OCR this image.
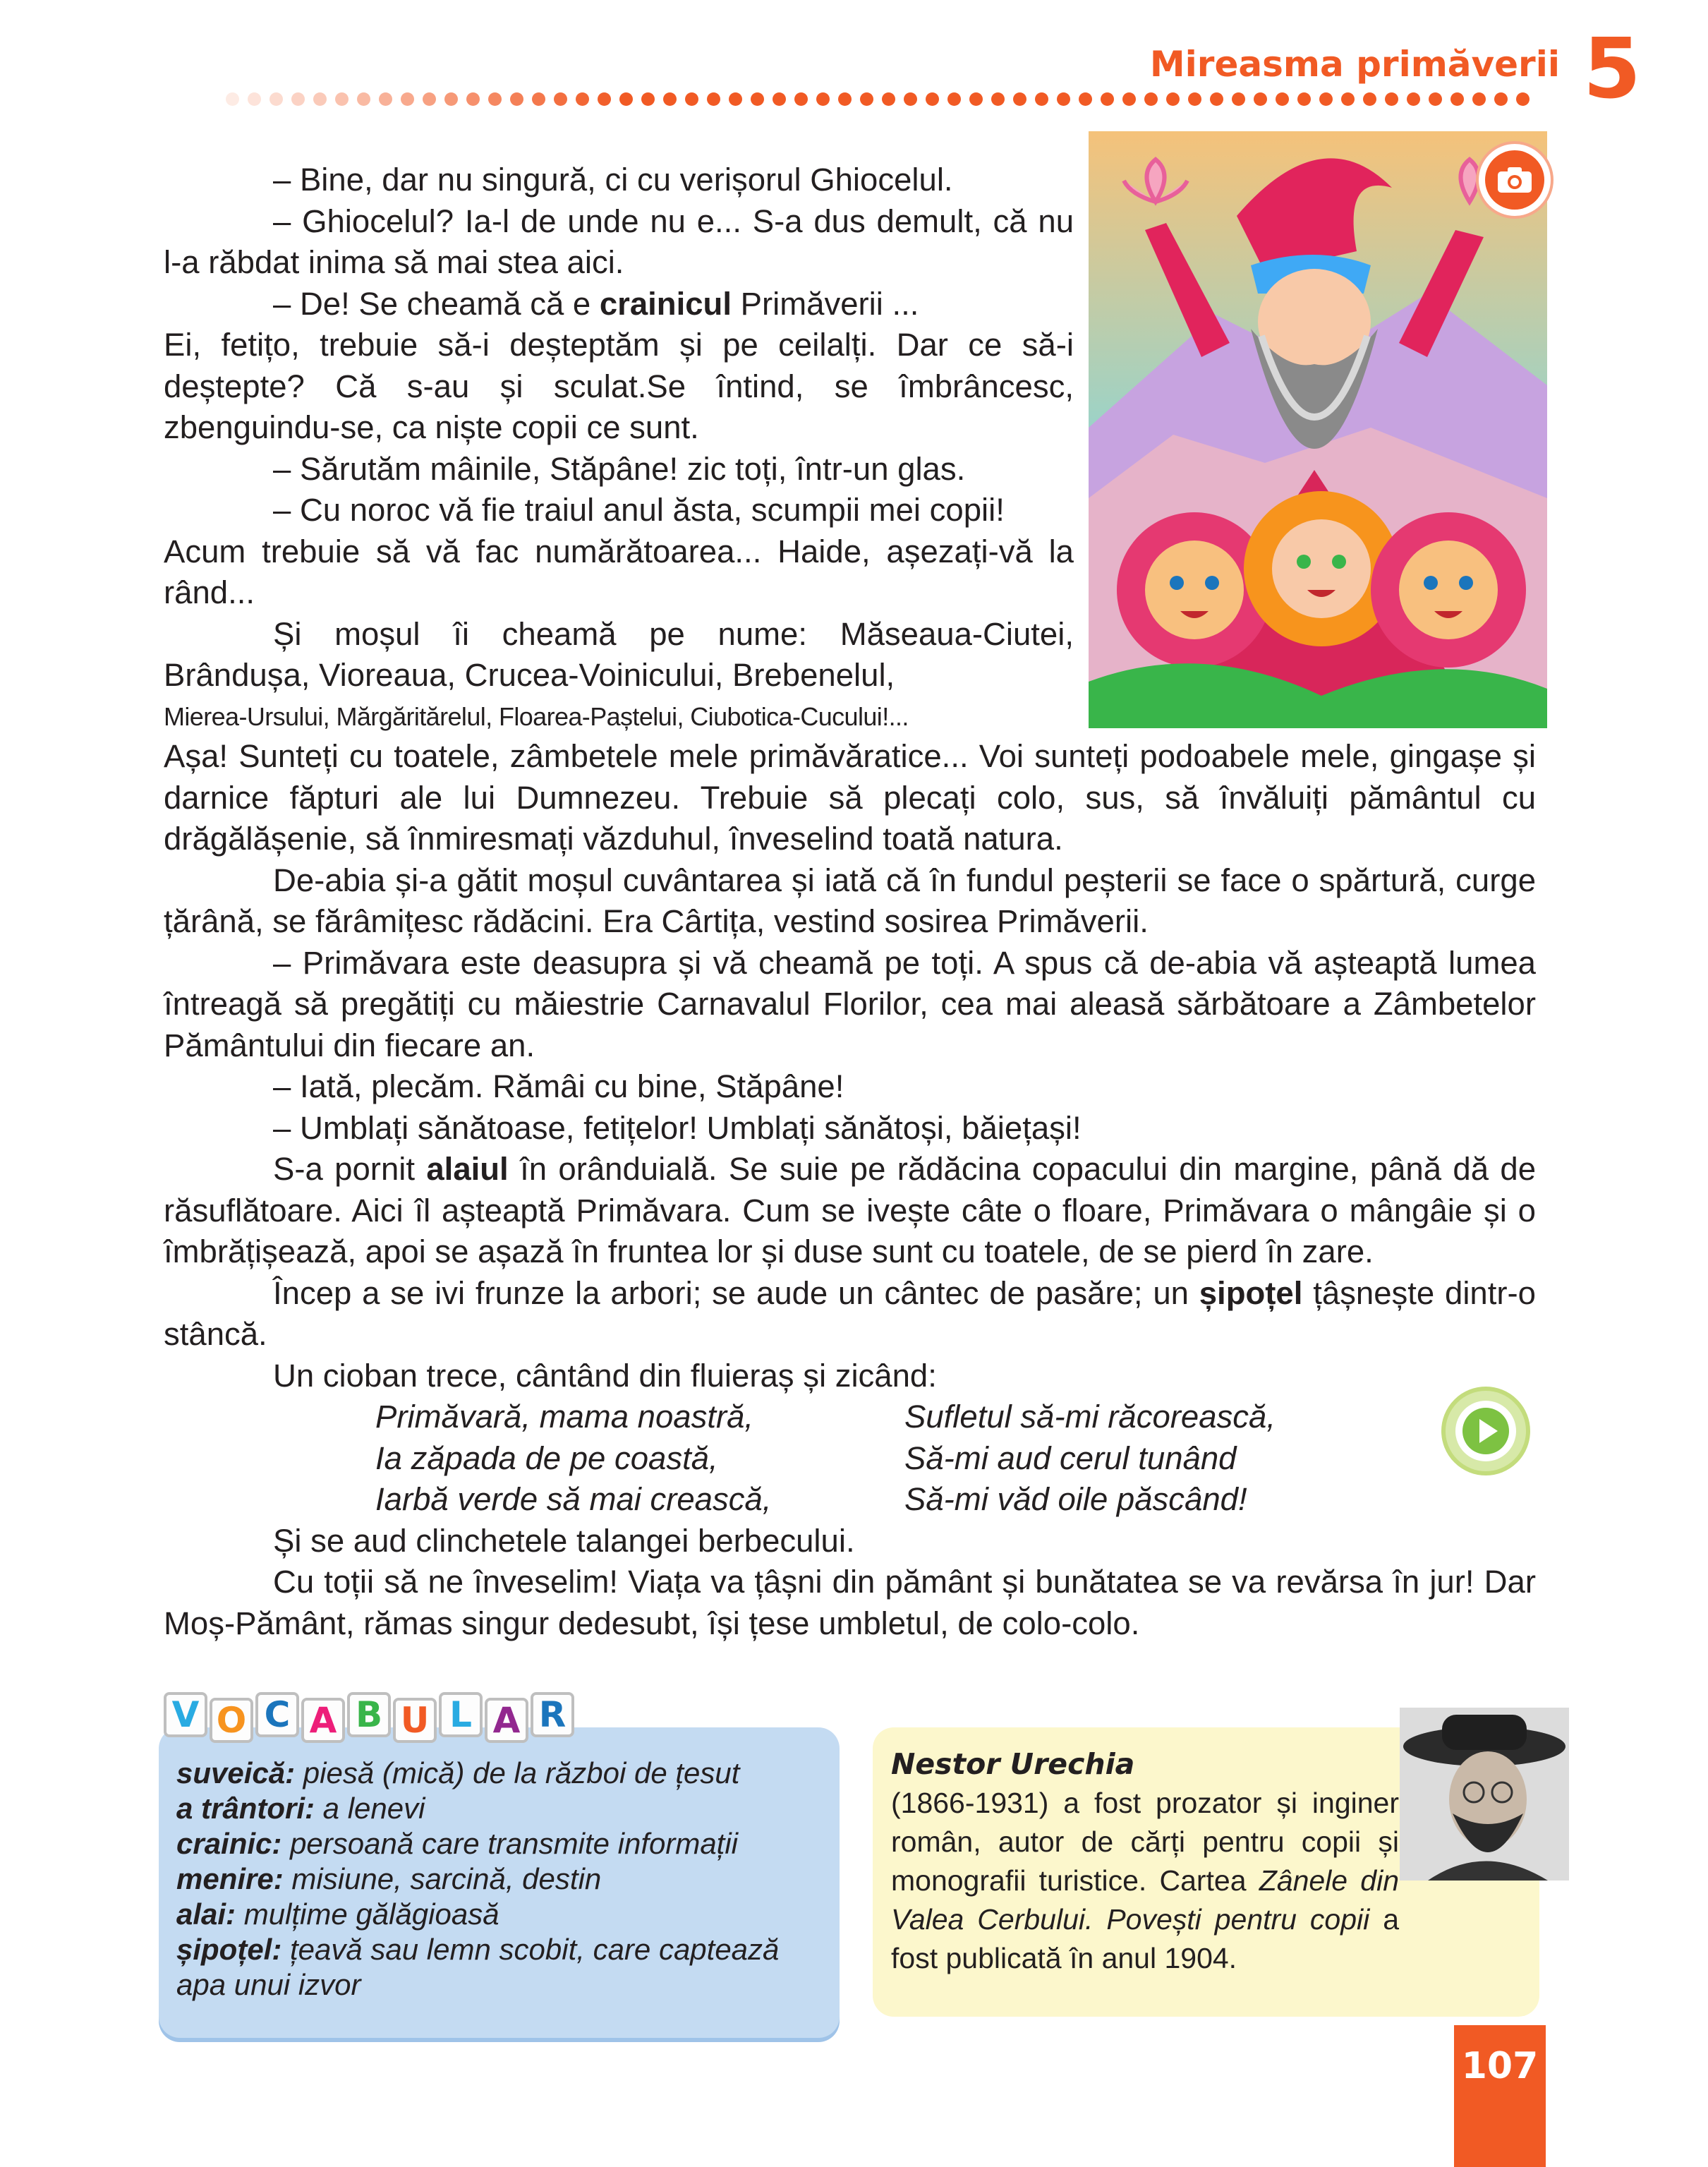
Mireasma primăverii 5

– Bine, dar nu singură, ci cu verișorul Ghiocelul.

– Ghiocelul? Ia-l de unde nu e... S-a dus demult, că nu l-a răbdat inima să mai stea aici.

– De! Se cheamă că e crainicul Primăverii ...

Ei, fetițo, trebuie să-i deșteptăm și pe ceilalți. Dar ce să-i deștepte? Că s-au și sculat.Se întind, se îmbrâncesc, zbenguindu-se, ca niște copii ce sunt.

– Sărutăm mâinile, Stăpâne! zic toți, într-un glas.

– Cu noroc vă fie traiul anul ăsta, scumpii mei copii!

Acum trebuie să vă fac numărătoarea... Haide, așezați-vă la rând...

Și moșul îi cheamă pe nume: Măseaua-Ciutei, Brândușa, Vioreaua, Crucea-Voinicului, Brebenelul,

Mierea-Ursului, Mărgăritărelul, Floarea-Paștelui, Ciubotica-Cucului!...

Așa! Sunteți cu toatele, zâmbetele mele primăvăratice... Voi sunteți podoabele mele, gingașe și darnice făpturi ale lui Dumnezeu. Trebuie să plecați colo, sus, să învăluiți pământul cu drăgălășenie, să înmiresmați văzduhul, înveselind toată natura.

De-abia și-a gătit moșul cuvântarea și iată că în fundul peșterii se face o spărtură, curge țărână, se fărâmițesc rădăcini. Era Cârtița, vestind sosirea Primăverii.

– Primăvara este deasupra și vă cheamă pe toți. A spus că de-abia vă așteaptă lumea întreagă să pregătiți cu măiestrie Carnavalul Florilor, cea mai aleasă sărbătoare a Zâmbetelor Pământului din fiecare an.

– Iată, plecăm. Rămâi cu bine, Stăpâne!

– Umblați sănătoase, fetițelor! Umblați sănătoși, băiețași!

S-a pornit alaiul în orânduială. Se suie pe rădăcina copacului din margine, până dă de răsuflătoare. Aici îl așteaptă Primăvara. Cum se ivește câte o floare, Primăvara o mângâie și o îmbrățișează, apoi se așază în fruntea lor și duse sunt cu toatele, de se pierd în zare.

Încep a se ivi frunze la arbori; se aude un cântec de pasăre; un șipoțel țâșnește dintr-o stâncă.

Un cioban trece, cântând din fluieraș și zicând:

Primăvară, mama noastră,	Sufletul să-mi răcorească,
Ia zăpada de pe coastă,	Să-mi aud cerul tunând
Iarbă verde să mai crească,	Să-mi văd oile păscând!

Și se aud clinchetele talangei berbecului.

Cu toții să ne înveselim! Viața va țâșni din pământ și bunătatea se va revărsa în jur! Dar Moș-Pământ, rămas singur dedesubt, își țese umbletul, de colo-colo.

V O C A B U L A R
suveică: piesă (mică) de la război de țesut
a trântori: a lenevi
crainic: persoană care transmite informații
menire: misiune, sarcină, destin
alai: mulțime gălăgioasă
șipoțel: țeavă sau lemn scobit, care captează
apa unui izvor

Nestor Urechia

(1866-1931) a fost prozator și inginer român, autor de cărți pentru copii și monografii turistice. Cartea Zânele din Valea Cerbului. Povești pentru copii a fost publicată în anul 1904.

107
